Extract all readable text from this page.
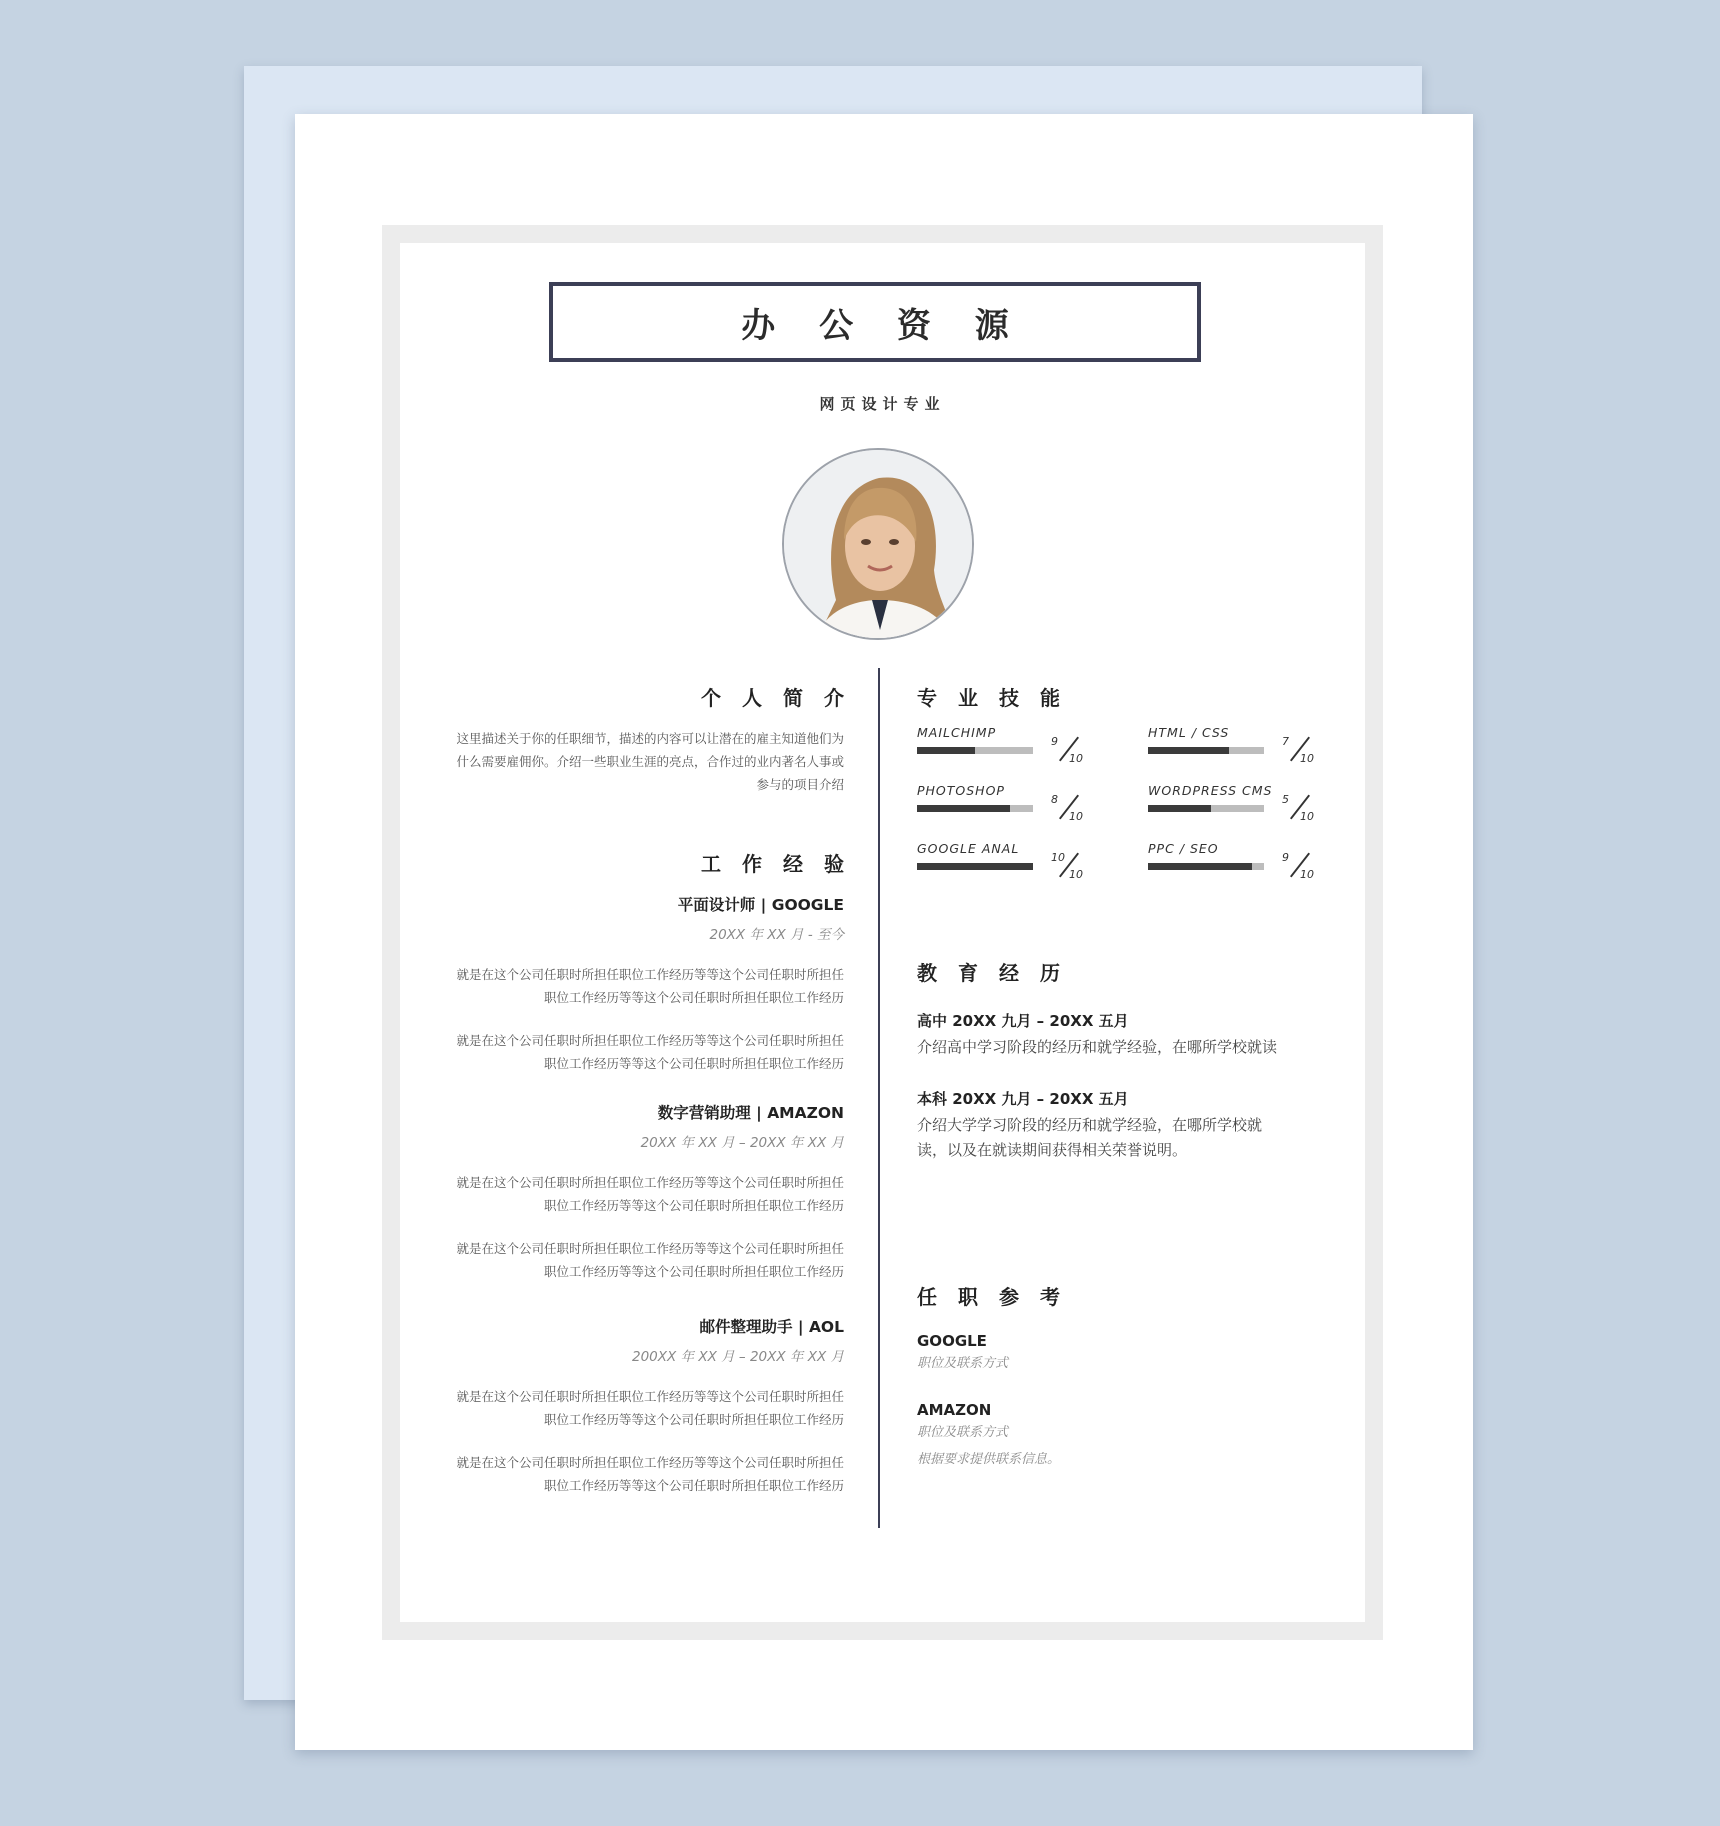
办 公 资 源
网页设计专业
个人简介
这里描述关于你的任职细节，描述的内容可以让潜在的雇主知道他们为什么需要雇佣你。介绍一些职业生涯的亮点，合作过的业内著名人事或参与的项目介绍
工作经验
平面设计师 | GOOGLE
20XX 年 XX 月 - 至今
就是在这个公司任职时所担任职位工作经历等等这个公司任职时所担任职位工作经历等等这个公司任职时所担任职位工作经历
就是在这个公司任职时所担任职位工作经历等等这个公司任职时所担任职位工作经历等等这个公司任职时所担任职位工作经历
数字营销助理 | AMAZON
20XX 年 XX 月 – 20XX 年 XX 月
就是在这个公司任职时所担任职位工作经历等等这个公司任职时所担任职位工作经历等等这个公司任职时所担任职位工作经历
就是在这个公司任职时所担任职位工作经历等等这个公司任职时所担任职位工作经历等等这个公司任职时所担任职位工作经历
邮件整理助手 | AOL
200XX 年 XX 月 – 20XX 年 XX 月
就是在这个公司任职时所担任职位工作经历等等这个公司任职时所担任职位工作经历等等这个公司任职时所担任职位工作经历
就是在这个公司任职时所担任职位工作经历等等这个公司任职时所担任职位工作经历等等这个公司任职时所担任职位工作经历
专业技能
MAILCHIMP
9
10
HTML / CSS
7
10
PHOTOSHOP
8
10
WORDPRESS CMS
5
10
GOOGLE ANAL
10
10
PPC / SEO
9
10
教育经历
高中 20XX 九月 – 20XX 五月
介绍高中学习阶段的经历和就学经验，在哪所学校就读
本科 20XX 九月 – 20XX 五月
介绍大学学习阶段的经历和就学经验，在哪所学校就读，以及在就读期间获得相关荣誉说明。
任职参考
GOOGLE
职位及联系方式
AMAZON
职位及联系方式
根据要求提供联系信息。
